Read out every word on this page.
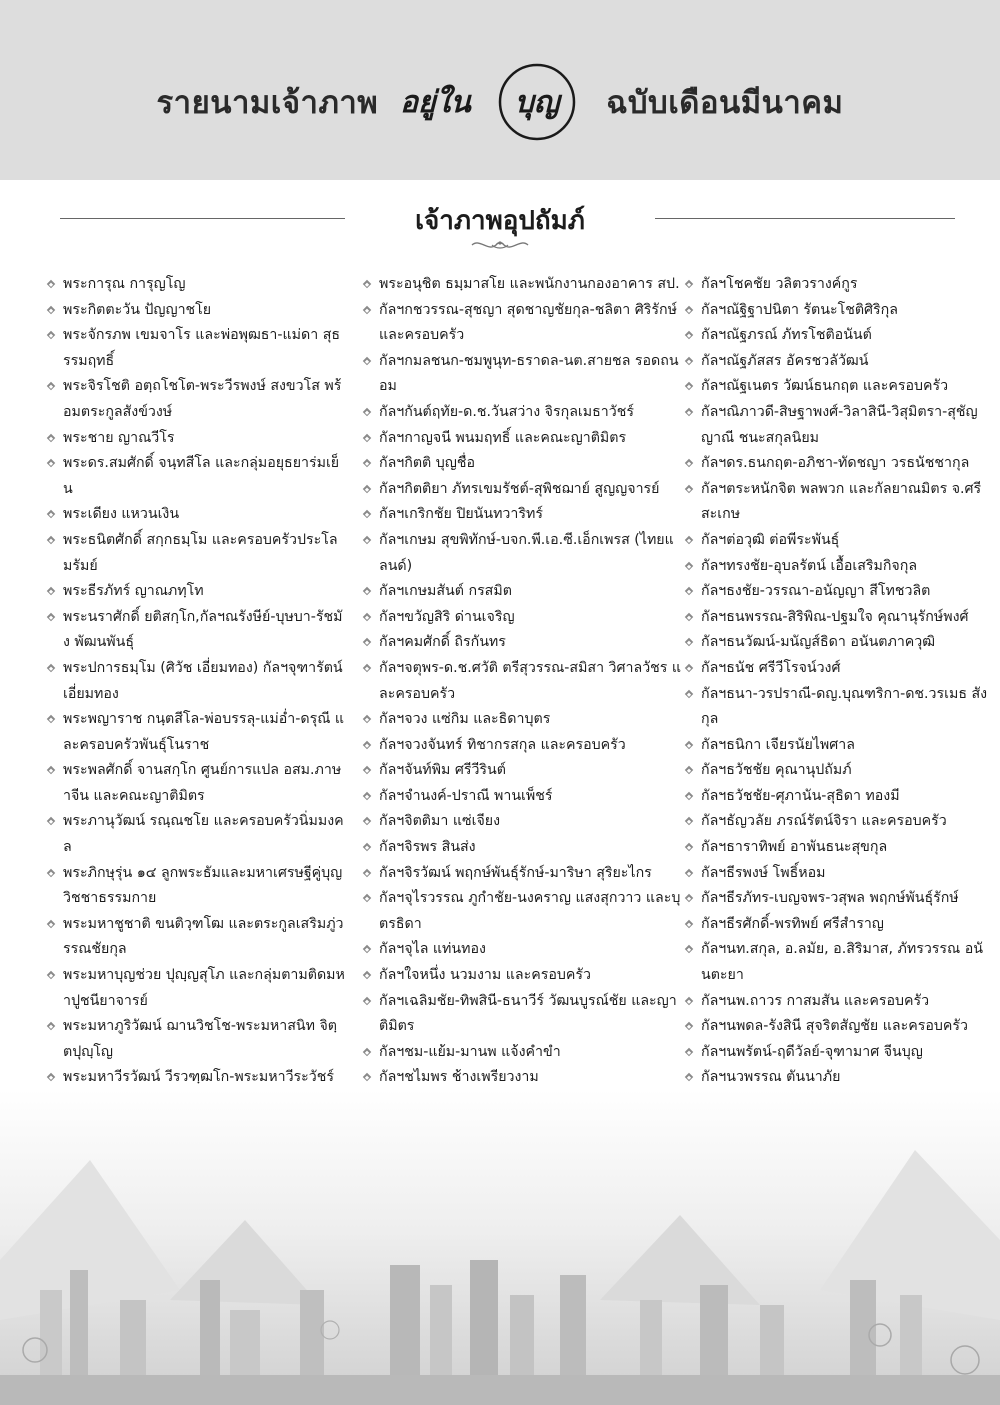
รายนามเจ้าภาพ อยู่ใน บุญ ฉบับเดือนมีนาคม
เจ้าภาพอุปถัมภ์
พระการุณ การุญโญ
พระกิตตะวัน ปัญญาชโย
พระจักรภพ เขมจาโร และพ่อพุฒธา-แม่ดา สุธรรมฤทธิ์
พระจิรโชติ อตฺถโชโต-พระวีรพงษ์ สงขวโส พร้อมตระกูลสังข์วงษ์
พระชาย ญาณวีโร
พระดร.สมศักดิ์ จนฺทสีโล และกลุ่มอยุธยาร่มเย็น
พระเดียง แหวนเงิน
พระธนิตศักดิ์ สกฺกธมฺโม และครอบครัวประโลมรัมย์
พระธีรภัทร์ ญาณภทฺโท
พระนราศักดิ์ ยติสกฺโก,กัลฯณรังษีย์-บุษบา-รัชมัง พัฒนพันธุ์
พระปการธมฺโม (ศิวัช เอี่ยมทอง) กัลฯจุฑารัตน์ เอี่ยมทอง
พระพญาราช กนฺตสีโล-พ่อบรรลุ-แม่อ่ำ-ดรุณี และครอบครัวพันธุ์โนราช
พระพลศักดิ์ จานสกฺโก ศูนย์การแปล อสม.ภาษาจีน และคณะญาติมิตร
พระภานุวัฒน์ รณฺณชโย และครอบครัวนิ่มมงคล
พระภิกษุรุ่น ๑๔ ลูกพระธัมและมหาเศรษฐีคู่บุญ วิชชาธรรมกาย
พระมหาชูชาติ ขนติวฺฑโฒ และตระกูลเสริมภู่วรรณชัยกุล
พระมหาบุญช่วย ปุญฺญสุโภ และกลุ่มตามติดมหาปูชนียาจารย์
พระมหาภูริวัฒน์ ฌานวิชโช-พระมหาสนิท จิตฺตปุญฺโญ
พระมหาวีรวัฒน์ วีรวฑฺฒโก-พระมหาวีระวัชร์
พระอนุชิต ธมฺมาสโย และพนักงานกองอาคาร สป.
กัลฯกชวรรณ-สุชญา สุดชาญชัยกุล-ชลิตา ศิริรักษ์ และครอบครัว
กัลฯกมลชนก-ชมพูนุท-ธราดล-นต.สายชล รอดถนอม
กัลฯกันต์ฤทัย-ด.ช.วันสว่าง จิรกุลเมธาวัชร์
กัลฯกาญจนี พนมฤทธิ์ และคณะญาติมิตร
กัลฯกิตติ บุญชื่อ
กัลฯกิตติยา ภัทรเขมรัชต์-สุพิชฌาย์ สูญญจารย์
กัลฯเกริกชัย ปิยนันทวาริทร์
กัลฯเกษม สุขพิทักษ์-บจก.พี.เอ.ซี.เอ็กเพรส (ไทยแลนด์)
กัลฯเกษมสันต์ กรสมิต
กัลฯขวัญสิริ ด่านเจริญ
กัลฯคมศักดิ์ ถิรกันทร
กัลฯจตุพร-ด.ช.ศวัติ ตรีสุวรรณ-สมิสา วิศาลวัชร และครอบครัว
กัลฯจวง แซ่กิม และธิดาบุตร
กัลฯจวงจันทร์ ทิชากรสกุล และครอบครัว
กัลฯจันท์พิม ศรีวีรินต์
กัลฯจำนงค์-ปราณี พานเพ็ชร์
กัลฯจิตติมา แซ่เจียง
กัลฯจิรพร สินส่ง
กัลฯจิรวัฒน์ พฤกษ์พันธุ์รักษ์-มาริษา สุริยะไกร
กัลฯจุไรวรรณ ภูกำชัย-นงคราญ แสงสุกวาว และบุตรธิดา
กัลฯจุไล แท่นทอง
กัลฯใจหนึ่ง นวมงาม และครอบครัว
กัลฯเฉลิมชัย-ทิพสินี-ธนาวีร์ วัฒนบูรณ์ชัย และญาติมิตร
กัลฯชม-แย้ม-มานพ แจ้งคำขำ
กัลฯชไมพร ช้างเพรียวงาม
กัลฯโชคชัย วลิตวรางค์กูร
กัลฯณัฐิฐาปนิตา รัตนะโชติศิริกุล
กัลฯณัฐภรณ์ ภัทรโชติอนันต์
กัลฯณัฐภัสสร อัครชวลัวัฒน์
กัลฯณัฐเนตร วัฒน์ธนกฤต และครอบครัว
กัลฯณิภาวดี-สิษฐาพงศ์-วิลาสินี-วิสุมิตรา-สุชัญญาณี ชนะสกุลนิยม
กัลฯดร.ธนกฤต-อภิชา-ทัดชญา วรธนัชชากุล
กัลฯตระหนักจิต พลพวก และกัลยาณมิตร จ.ศรีสะเกษ
กัลฯต่อวุฒิ ต่อพีระพันธุ์
กัลฯทรงชัย-อุบลรัตน์ เอื้อเสริมกิจกุล
กัลฯธงชัย-วรรณา-อนัญญา สีโทชวลิต
กัลฯธนพรรณ-สิริพิณ-ปฐมใจ คุณานุรักษ์พงศ์
กัลฯธนวัฒน์-มนัญส์ธิดา อนันตภาควุฒิ
กัลฯธนัช ศรีวีโรจน์วงศ์
กัลฯธนา-วรปราณี-ดญ.บุณฑริกา-ดช.วรเมธ สังกุล
กัลฯธนิกา เจียรนัยไพศาล
กัลฯธวัชชัย คุณานุปถัมภ์
กัลฯธวัชชัย-ศุภานัน-สุธิดา ทองมี
กัลฯธัญวลัย ภรณ์รัตน์จิรา และครอบครัว
กัลฯธาราทิพย์ อาพันธนะสุขกุล
กัลฯธีรพงษ์ โพธิ์หอม
กัลฯธีรภัทร-เบญจพร-วสุพล พฤกษ์พันธุ์รักษ์
กัลฯธีรศักดิ์-พรทิพย์ ศรีสำราญ
กัลฯนท.สกุล, อ.ลมัย, อ.สิริมาส, ภัทรวรรณ อนันตะยา
กัลฯนพ.ถาวร กาสมสัน และครอบครัว
กัลฯนพดล-รังสินี สุจริตสัญชัย และครอบครัว
กัลฯนพรัตน์-ฤดีวัลย์-จุฑามาศ จีนบุญ
กัลฯนวพรรณ ตันนาภัย
